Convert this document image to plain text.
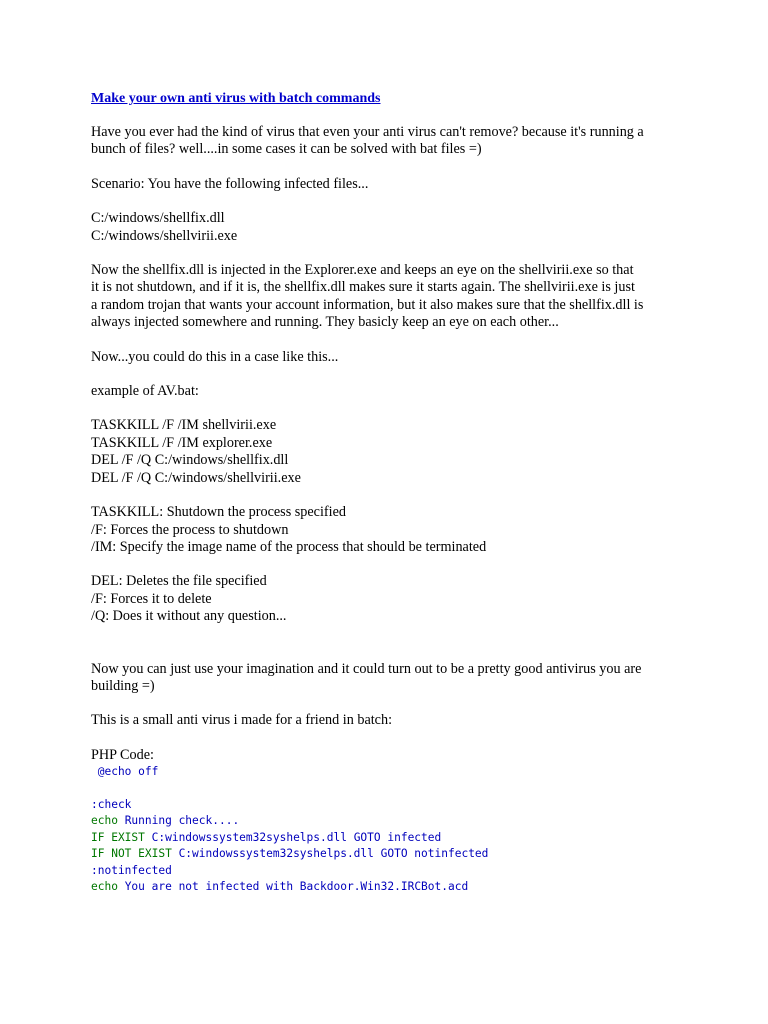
Make your own anti virus with batch commands

Have you ever had the kind of virus that even your anti virus can't remove? because it's running a
bunch of files? well....in some cases it can be solved with bat files =)

Scenario: You have the following infected files...

C:/windows/shellfix.dll
C:/windows/shellvirii.exe
Now the shellfix.dll is injected in the Explorer.exe and keeps an eye on the shellvirii.exe so that
it is not shutdown, and if it is, the shellfix.dll makes sure it starts again. The shellvirii.exe is just
a random trojan that wants your account information, but it also makes sure that the shellfix.dll is
always injected somewhere and running. They basicly keep an eye on each other...

Now...you could do this in a case like this...

example of AV.bat:

TASKKILL /F /IM shellvirii.exe
TASKKILL /F /IM explorer.exe
DEL /F /Q C:/windows/shellfix.dll
DEL /F /Q C:/windows/shellvirii.exe
TASKKILL: Shutdown the process specified
/F: Forces the process to shutdown
/IM: Specify the image name of the process that should be terminated
DEL: Deletes the file specified
/F: Forces it to delete
/Q: Does it without any question...
Now you can just use your imagination and it could turn out to be a pretty good antivirus you are
building =)

This is a small anti virus i made for a friend in batch:

PHP Code:

@echo off

:check
echo Running check....
IF EXIST C:windowssystem32syshelps.dll GOTO infected
IF NOT EXIST C:windowssystem32syshelps.dll GOTO notinfected
:notinfected
echo You are not infected with Backdoor.Win32.IRCBot.acd
